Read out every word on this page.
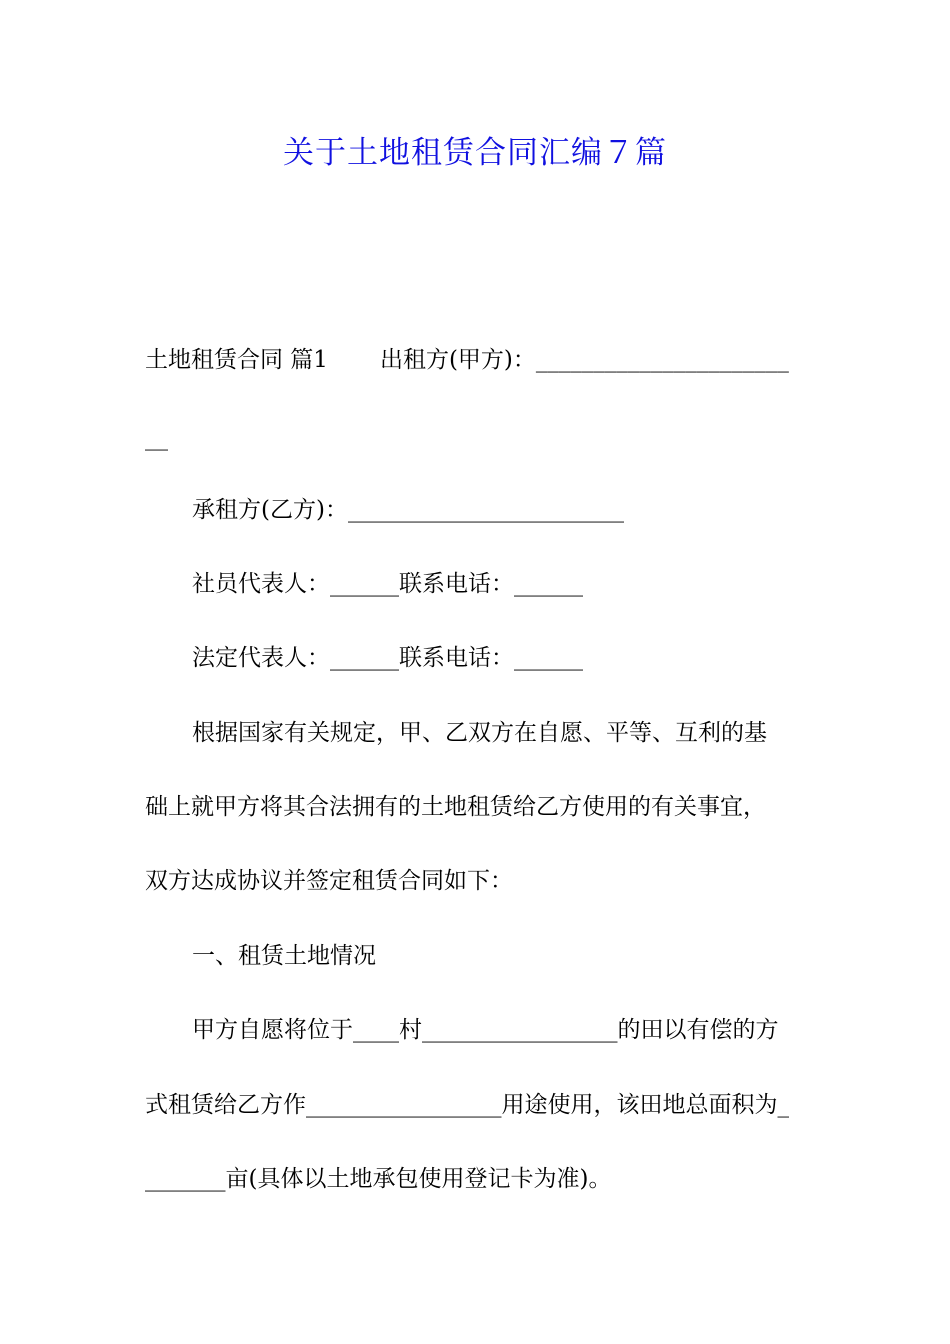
关于土地租赁合同汇编７篇
土地租赁合同 篇1 出租方(甲方)：______________________
__
承租方(乙方)：________________________
社员代表人：______联系电话：______
法定代表人：______联系电话：______
根据国家有关规定，甲、乙双方在自愿、平等、互利的基
础上就甲方将其合法拥有的土地租赁给乙方使用的有关事宜，
双方达成协议并签定租赁合同如下：
一、租赁土地情况
甲方自愿将位于____村_________________的田以有偿的方
式租赁给乙方作_________________用途使用，该田地总面积为_
_______亩(具体以土地承包使用登记卡为准)。
